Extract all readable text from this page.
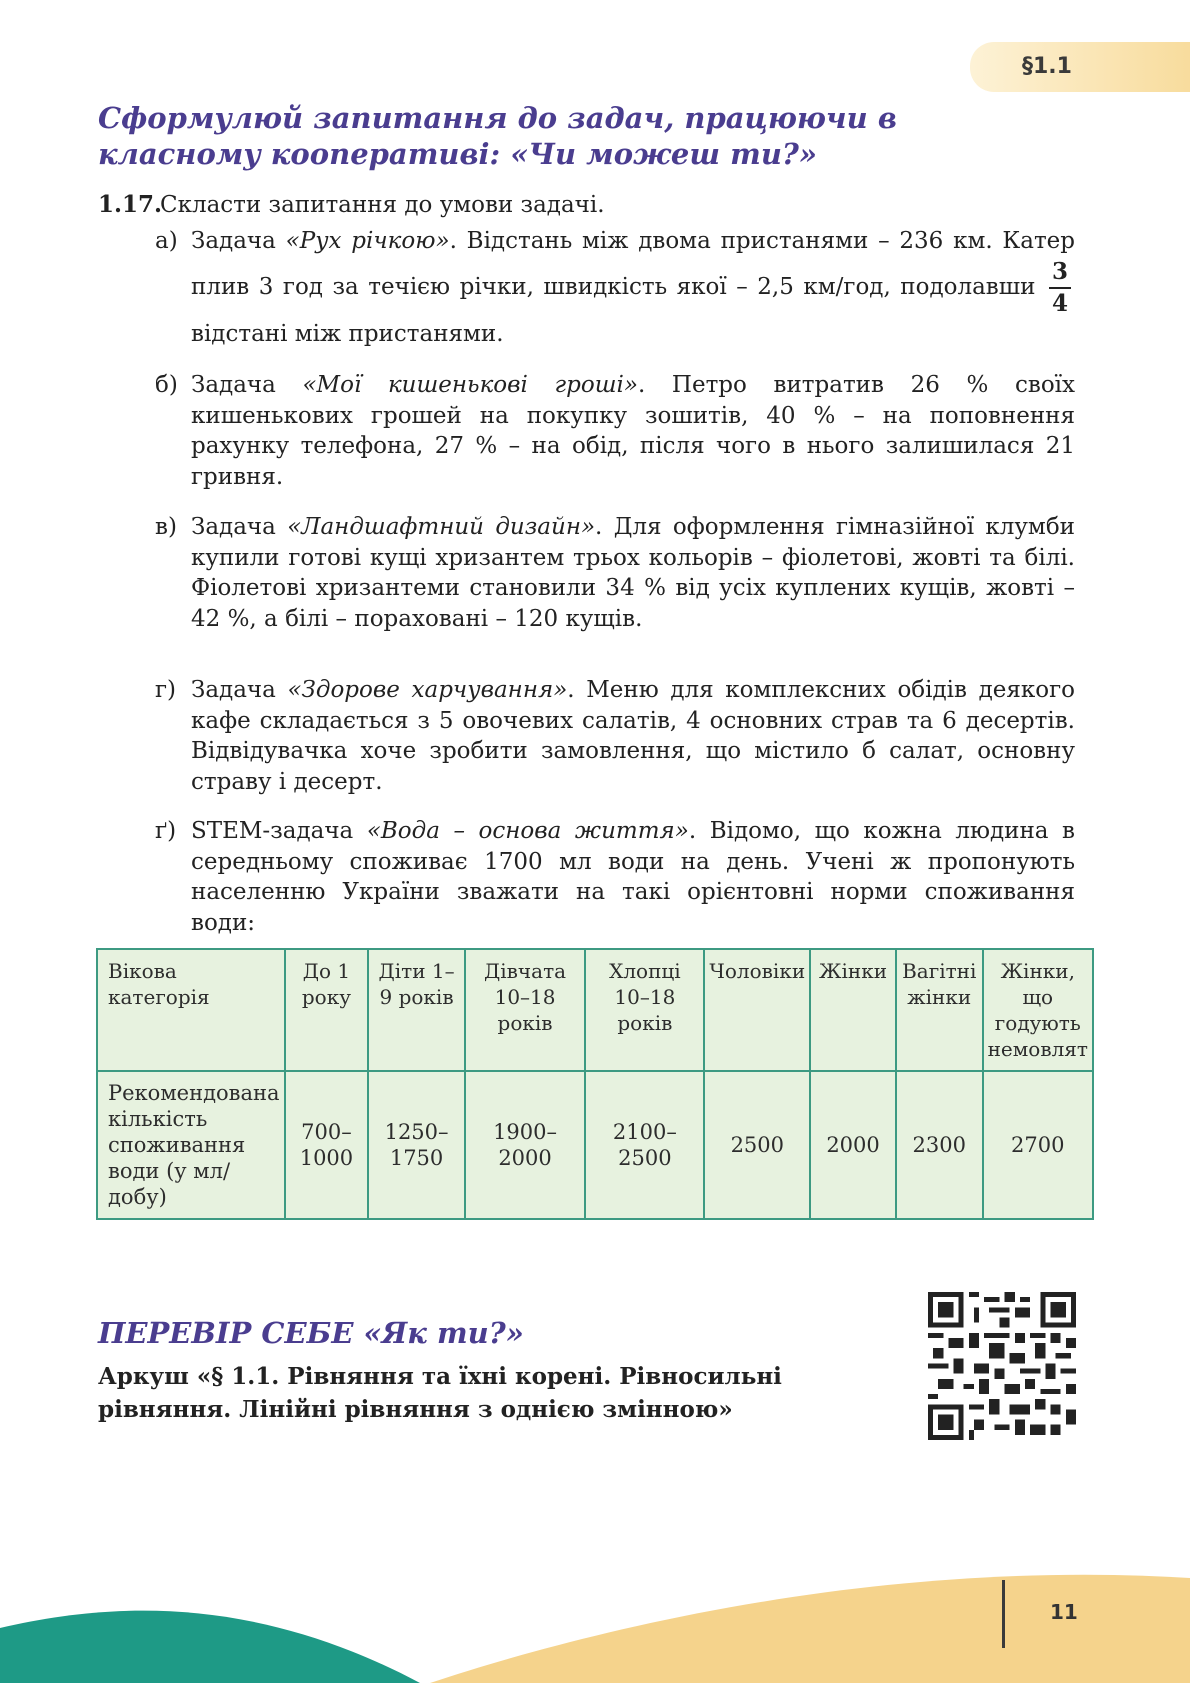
§1.1
Сформулюй запитання до задач, працюючи в
класному кооперативі: «Чи можеш ти?»
1.17.
Скласти запитання до умови задачі.
а) Задача «Рух річкою». Відстань між двома пристанями – 236 км. Катер плив 3 год за течією річки, швидкість якої – 2,5 км/год, подолавши $\frac{3}{4}$
відстані між пристанями.
б) Задача «Мої кишенькові гроші». Петро витратив 26 % своїх кишенькових грошей на покупку зошитів, 40 % – на поповнення рахунку телефона, 27 % – на обід, після чого в нього залишилася 21 гривня.
в) Задача «Ландшафтний дизайн». Для оформлення гімназійної клумби купили готові кущі хризантем трьох кольорів – фіолетові, жовті та білі. Фіолетові хризантеми становили 34 % від усіх куплених кущів, жовті – 42 %, а білі – пораховані – 120 кущів.
г) Задача «Здорове харчування». Меню для комплексних обідів деякого кафе складається з 5 овочевих салатів, 4 основних страв та 6 десертів. Відвідувачка хоче зробити замовлення, що містило б салат, основну страву і десерт.
ґ) STEM-задача «Вода – основа життя». Відомо, що кожна людина в середньому споживає 1700 мл води на день. Учені ж пропонують населенню України зважати на такі орієнтовні норми споживання води:
Вікова категорія	До 1 року	Діти 1–9 років	Дівчата 10–18 років	Хлопці 10–18 років	Чоловіки	Жінки	Вагітні жінки	Жінки, що годують немовлят
Рекомендована кількість споживання води (у мл/добу)	700–1000	1250–1750	1900–2000	2100–2500	2500	2000	2300	2700
ПЕРЕВІР СЕБЕ «Як ти?»
Аркуш «§ 1.1. Рівняння та їхні корені. Рівносильні рівняння. Лінійні рівняння з однією змінною»
11
